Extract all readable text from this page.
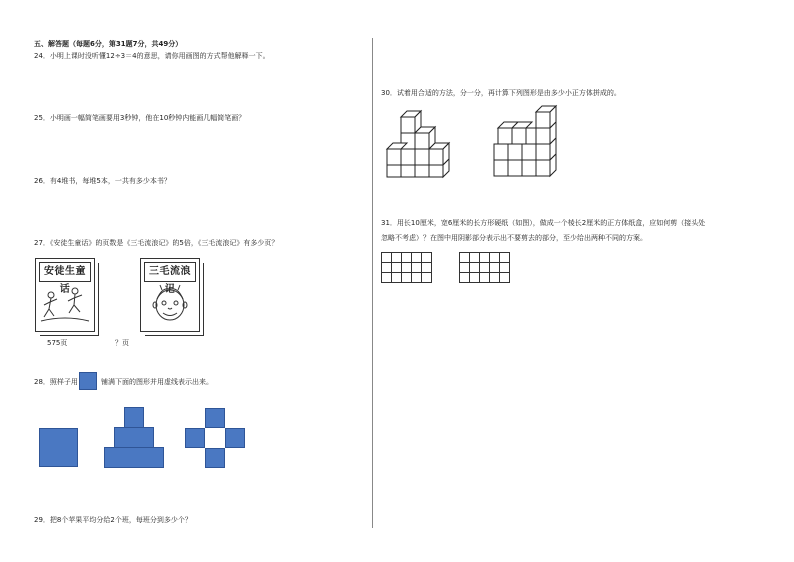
五、解答题（每题6分，第31题7分，共49分）
24．小明上课时没听懂12÷3＝4的意思，请你用画图的方式帮他解释一下。
25．小明画一幅简笔画要用3秒钟，他在10秒钟内能画几幅简笔画？
26．有4堆书，每堆5本，一共有多少本书？
27．《安徒生童话》的页数是《三毛流浪记》的5倍，《三毛流浪记》有多少页？
安徒生童话
575页
三毛流浪记
？页
28．照样子用	铺满下面的图形并用虚线表示出来。
29．把8个苹果平均分给2个班，每班分到多少个？
30．试着用合适的方法，分一分，再计算下列图形是由多少小正方体拼成的。
31．用长10厘米，宽6厘米的长方形硬纸（如图），做成一个棱长2厘米的正方体纸盒，应如何剪（接头处
忽略不考虑）？在图中用阴影部分表示出不要剪去的部分，至少给出两种不同的方案。
